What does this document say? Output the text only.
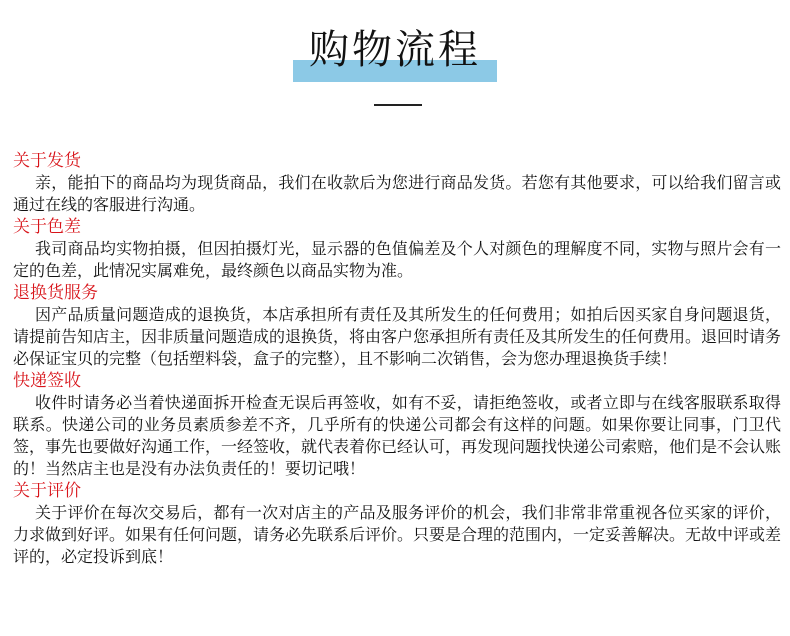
购物流程

关于发货

亲，能拍下的商品均为现货商品，我们在收款后为您进行商品发货。若您有其他要求，可以给我们留言或通过在线的客服进行沟通。

关于色差

我司商品均实物拍摄，但因拍摄灯光，显示器的色值偏差及个人对颜色的理解度不同，实物与照片会有一定的色差，此情况实属难免，最终颜色以商品实物为准。

退换货服务

因产品质量问题造成的退换货，本店承担所有责任及其所发生的任何费用；如拍后因买家自身问题退货，请提前告知店主，因非质量问题造成的退换货，将由客户您承担所有责任及其所发生的任何费用。退回时请务必保证宝贝的完整（包括塑料袋，盒子的完整），且不影响二次销售，会为您办理退换货手续！

快递签收

收件时请务必当着快递面拆开检查无误后再签收，如有不妥，请拒绝签收，或者立即与在线客服联系取得联系。快递公司的业务员素质参差不齐，几乎所有的快递公司都会有这样的问题。如果你要让同事，门卫代签，事先也要做好沟通工作，一经签收，就代表着你已经认可，再发现问题找快递公司索赔，他们是不会认账的！当然店主也是没有办法负责任的！要切记哦！

关于评价

关于评价在每次交易后，都有一次对店主的产品及服务评价的机会，我们非常非常重视各位买家的评价，力求做到好评。如果有任何问题，请务必先联系后评价。只要是合理的范围内，一定妥善解决。无故中评或差评的，必定投诉到底！
